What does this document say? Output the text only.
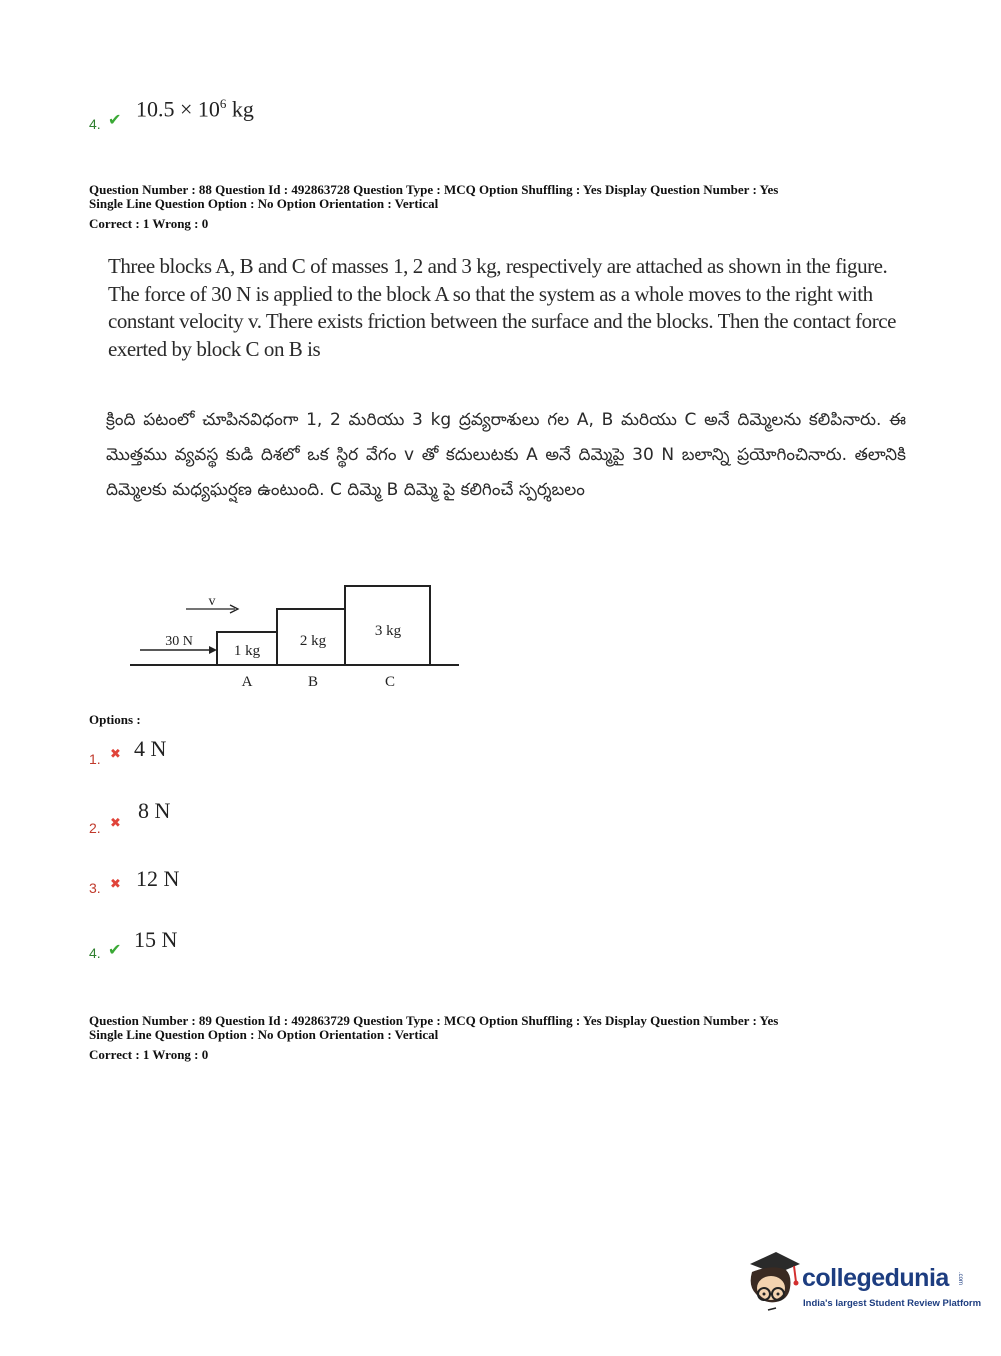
4. ✔ $10.5 \times 10^6$ kg
Question Number : 88 Question Id : 492863728 Question Type : MCQ Option Shuffling : Yes Display Question Number : Yes
Single Line Question Option : No Option Orientation : Vertical
Correct : 1 Wrong : 0

Three blocks A, B and C of masses 1, 2 and 3 kg, respectively are attached as shown in the figure. The force of 30 N is applied to the block A so that the system as a whole moves to the right with constant velocity v. There exists friction between the surface and the blocks. Then the contact force exerted by block C on B is

క్రింది పటంలో చూపినవిధంగా 1, 2 మరియు 3 kg ద్రవ్యరాశులు గల A, B మరియు C అనే దిమ్మెలను కలిపినారు. ఈ మొత్తము వ్యవస్థ కుడి దిశలో ఒక స్థిర వేగం v తో కదులుటకు A అనే దిమ్మెపై 30 N బలాన్ని ప్రయోగించినారు. తలానికి దిమ్మెలకు మధ్యఘర్షణ ఉంటుంది. C దిమ్మె B దిమ్మె పై కలిగించే స్పర్శబలం

v
30 N
1 kg
2 kg
3 kg
A	B	C
Options :
1. ✖ 4 N
2. ✖
8 N
3. ✖ 12 N
4. ✔ 15 N
Question Number : 89 Question Id : 492863729 Question Type : MCQ Option Shuffling : Yes Display Question Number : Yes
Single Line Question Option : No Option Orientation : Vertical
Correct : 1 Wrong : 0
collegedunia .com
India's largest Student Review Platform
